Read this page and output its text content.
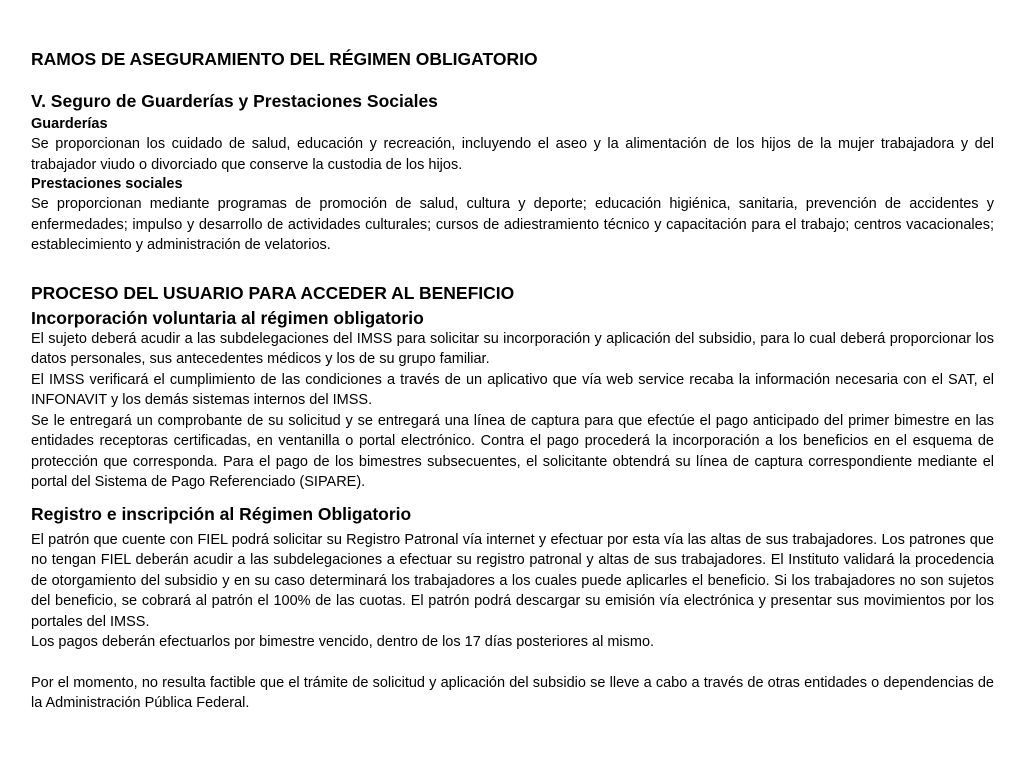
RAMOS DE ASEGURAMIENTO DEL RÉGIMEN OBLIGATORIO
V. Seguro de Guarderías y Prestaciones Sociales
Guarderías

Se proporcionan los cuidado de salud, educación y recreación, incluyendo el aseo y la alimentación de los hijos de la mujer trabajadora y del trabajador viudo o divorciado que conserve la custodia de los hijos.

Prestaciones sociales

Se proporcionan mediante programas de promoción de salud, cultura y deporte; educación higiénica, sanitaria, prevención de accidentes y enfermedades; impulso y desarrollo de actividades culturales; cursos de adiestramiento técnico y capacitación para el trabajo; centros vacacionales; establecimiento y administración de velatorios.

PROCESO DEL USUARIO PARA ACCEDER AL BENEFICIO
Incorporación voluntaria al régimen obligatorio

El sujeto deberá acudir a las subdelegaciones del IMSS para solicitar su incorporación y aplicación del subsidio, para lo cual deberá proporcionar los datos personales, sus antecedentes médicos y los de su grupo familiar.

El IMSS verificará el cumplimiento de las condiciones a través de un aplicativo que vía web service recaba la información necesaria con el SAT, el INFONAVIT y los demás sistemas internos del IMSS.

Se le entregará un comprobante de su solicitud y se entregará una línea de captura para que efectúe el pago anticipado del primer bimestre en las entidades receptoras certificadas, en ventanilla o portal electrónico. Contra el pago procederá la incorporación a los beneficios en el esquema de protección que corresponda. Para el pago de los bimestres subsecuentes, el solicitante obtendrá su línea de captura correspondiente mediante el portal del Sistema de Pago Referenciado (SIPARE).

Registro e inscripción al Régimen Obligatorio

El patrón que cuente con FIEL podrá solicitar su Registro Patronal vía internet y efectuar por esta vía las altas de sus trabajadores. Los patrones que no tengan FIEL deberán acudir a las subdelegaciones a efectuar su registro patronal y altas de sus trabajadores. El Instituto validará la procedencia de otorgamiento del subsidio y en su caso determinará los trabajadores a los cuales puede aplicarles el beneficio. Si los trabajadores no son sujetos del beneficio, se cobrará al patrón el 100% de las cuotas. El patrón podrá descargar su emisión vía electrónica y presentar sus movimientos por los portales del IMSS.

Los pagos deberán efectuarlos por bimestre vencido, dentro de los 17 días posteriores al mismo.

Por el momento, no resulta factible que el trámite de solicitud y aplicación del subsidio se lleve a cabo a través de otras entidades o dependencias de la Administración Pública Federal.
